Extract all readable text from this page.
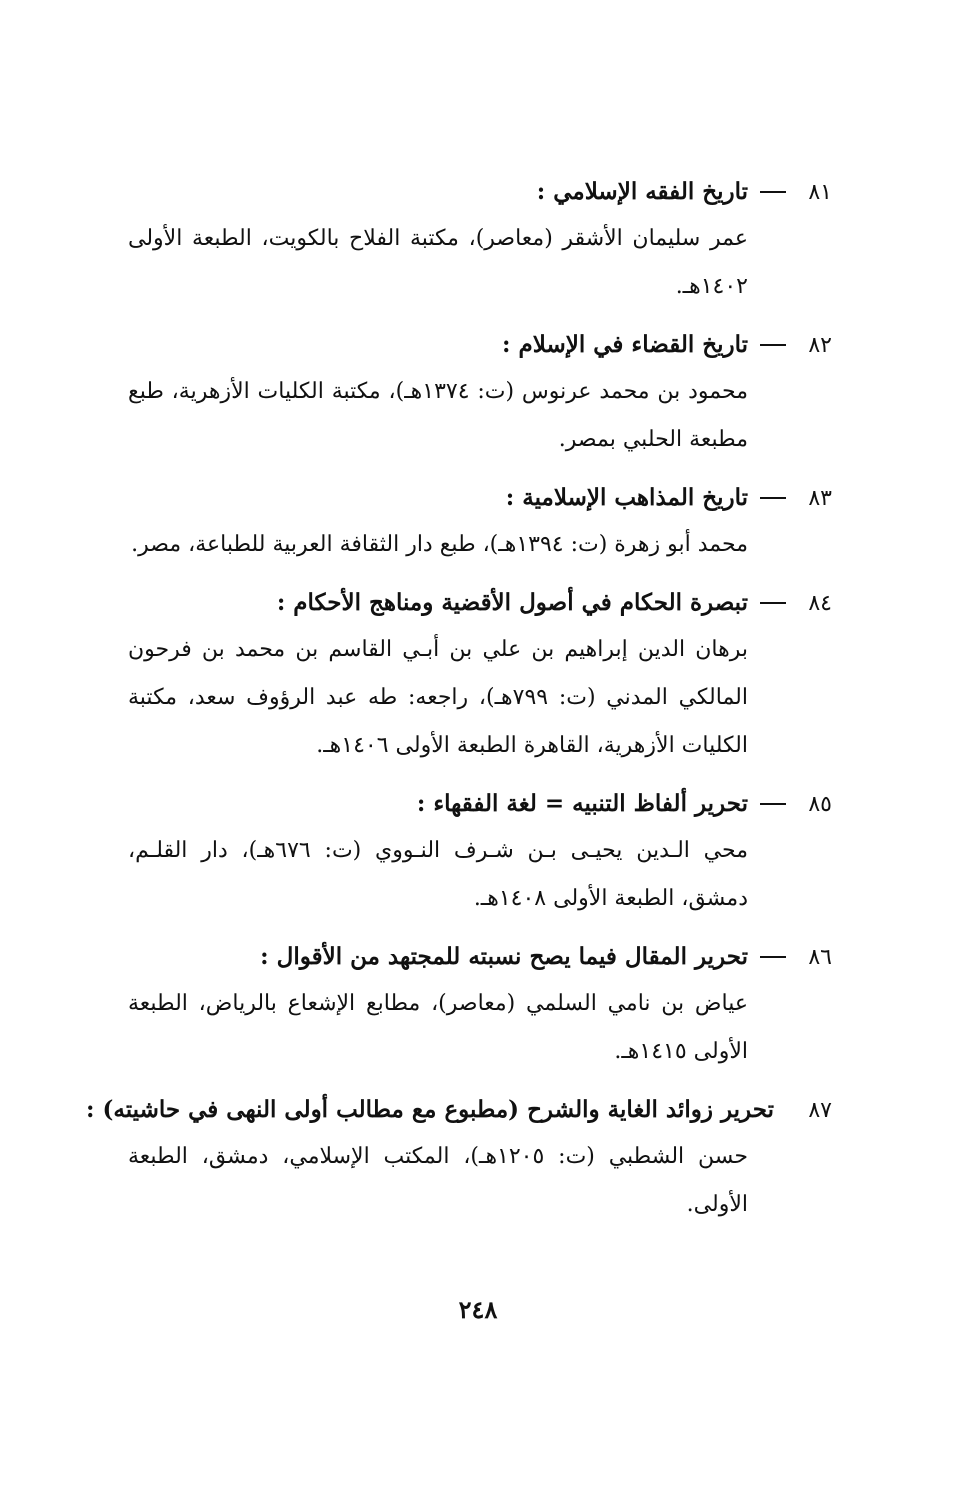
٨١
تاريخ الفقه الإسلامي :
عمر سليمان الأشقر (معاصر)، مكتبة الفلاح بالكويت، الطبعة الأولى ١٤٠٢هـ.
٨٢
تاريخ القضاء في الإسلام :
محمود بن محمد عرنوس (ت: ١٣٧٤هـ)، مكتبة الكليات الأزهرية، طبع مطبعة الحلبي بمصر.
٨٣
تاريخ المذاهب الإسلامية :
محمد أبو زهرة (ت: ١٣٩٤هـ)، طبع دار الثقافة العربية للطباعة، مصر.
٨٤
تبصرة الحكام في أصول الأقضية ومناهج الأحكام :
برهان الدين إبراهيم بن علي بن أبـي القاسم بن محمد بن فرحون المالكي المدني (ت: ٧٩٩هـ)، راجعه: طه عبد الرؤوف سعد، مكتبة الكليات الأزهرية، القاهرة الطبعة الأولى ١٤٠٦هـ.
٨٥
تحرير ألفاظ التنبيه = لغة الفقهاء :
محي الـدين يحيـى بـن شـرف النـووي (ت: ٦٧٦هـ)، دار القلـم، دمشق، الطبعة الأولى ١٤٠٨هـ.
٨٦
تحرير المقال فيما يصح نسبته للمجتهد من الأقوال :
عياض بن نامي السلمي (معاصر)، مطابع الإشعاع بالرياض، الطبعة الأولى ١٤١٥هـ.
٨٧
تحرير زوائد الغاية والشرح (مطبوع مع مطالب أولى النهى في حاشيته) :
حسن الشطبي (ت: ١٢٠٥هـ)، المكتب الإسلامي، دمشق، الطبعة الأولى.
٢٤٨
